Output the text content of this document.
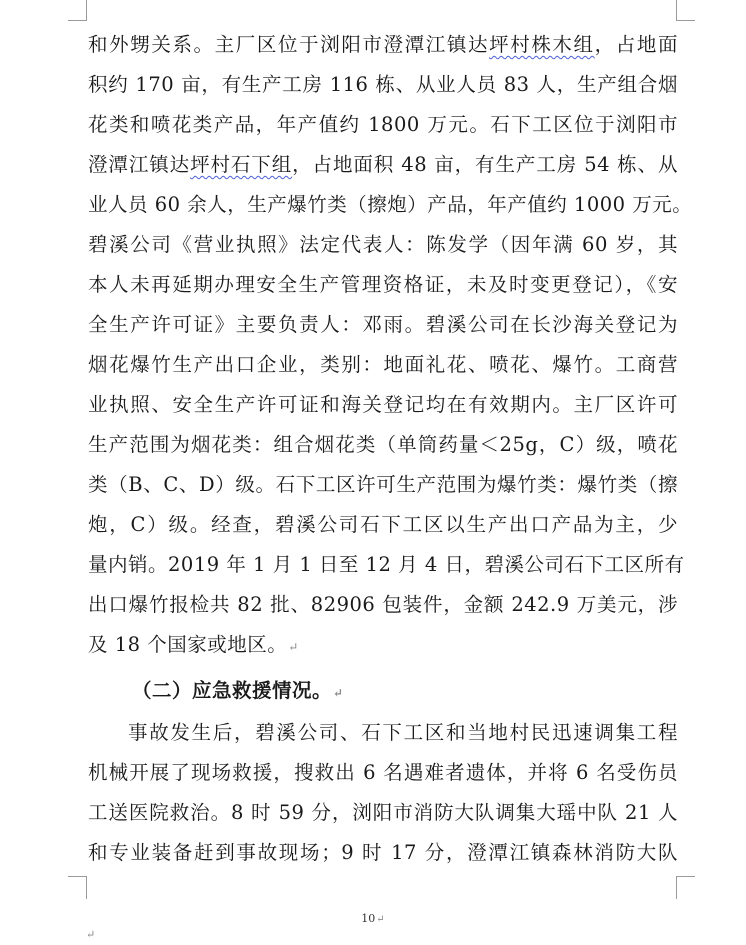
和外甥关系。主厂区位于浏阳市澄潭江镇达坪村株木组，占地面
积约 170 亩，有生产工房 116 栋、从业人员 83 人，生产组合烟
花类和喷花类产品，年产值约 1800 万元。石下工区位于浏阳市
澄潭江镇达坪村石下组，占地面积 48 亩，有生产工房 54 栋、从
业人员 60 余人，生产爆竹类（擦炮）产品，年产值约 1000 万元。
碧溪公司《营业执照》法定代表人：陈发学（因年满 60 岁，其
本人未再延期办理安全生产管理资格证，未及时变更登记），《安
全生产许可证》主要负责人：邓雨。碧溪公司在长沙海关登记为
烟花爆竹生产出口企业，类别：地面礼花、喷花、爆竹。工商营
业执照、安全生产许可证和海关登记均在有效期内。主厂区许可
生产范围为烟花类：组合烟花类（单筒药量＜25g，C）级，喷花
类（B、C、D）级。石下工区许可生产范围为爆竹类：爆竹类（擦
炮，C）级。经查，碧溪公司石下工区以生产出口产品为主，少
量内销。2019 年 1 月 1 日至 12 月 4 日，碧溪公司石下工区所有
出口爆竹报检共 82 批、82906 包装件，金额 242.9 万美元，涉
及 18 个国家或地区。↵
（二）应急救援情况。↵
事故发生后，碧溪公司、石下工区和当地村民迅速调集工程
机械开展了现场救援，搜救出 6 名遇难者遗体，并将 6 名受伤员
工送医院救治。8 时 59 分，浏阳市消防大队调集大瑶中队 21 人
和专业装备赶到事故现场；9 时 17 分，澄潭江镇森林消防大队
10↵
↵
